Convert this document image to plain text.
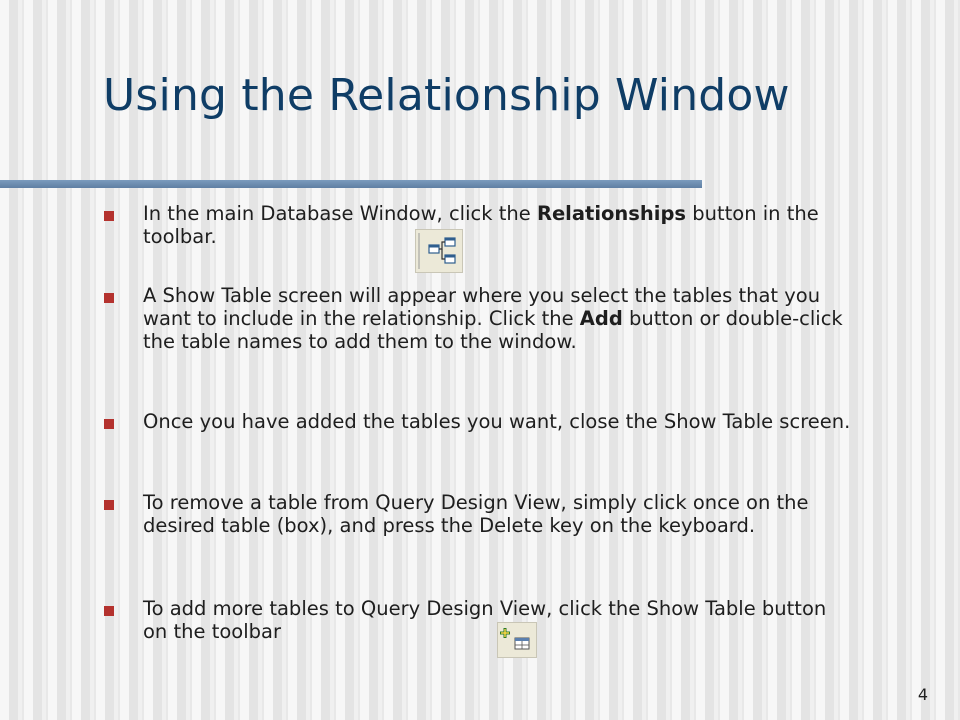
Using the Relationship Window
In the main Database Window, click the Relationships button in the toolbar.
A Show Table screen will appear where you select the tables that you want to include in the relationship. Click the Add button or double-click the table names to add them to the window.
Once you have added the tables you want, close the Show Table screen.
To remove a table from Query Design View, simply click once on the desired table (box), and press the Delete key on the keyboard.
To add more tables to Query Design View, click the Show Table button on the toolbar
4
